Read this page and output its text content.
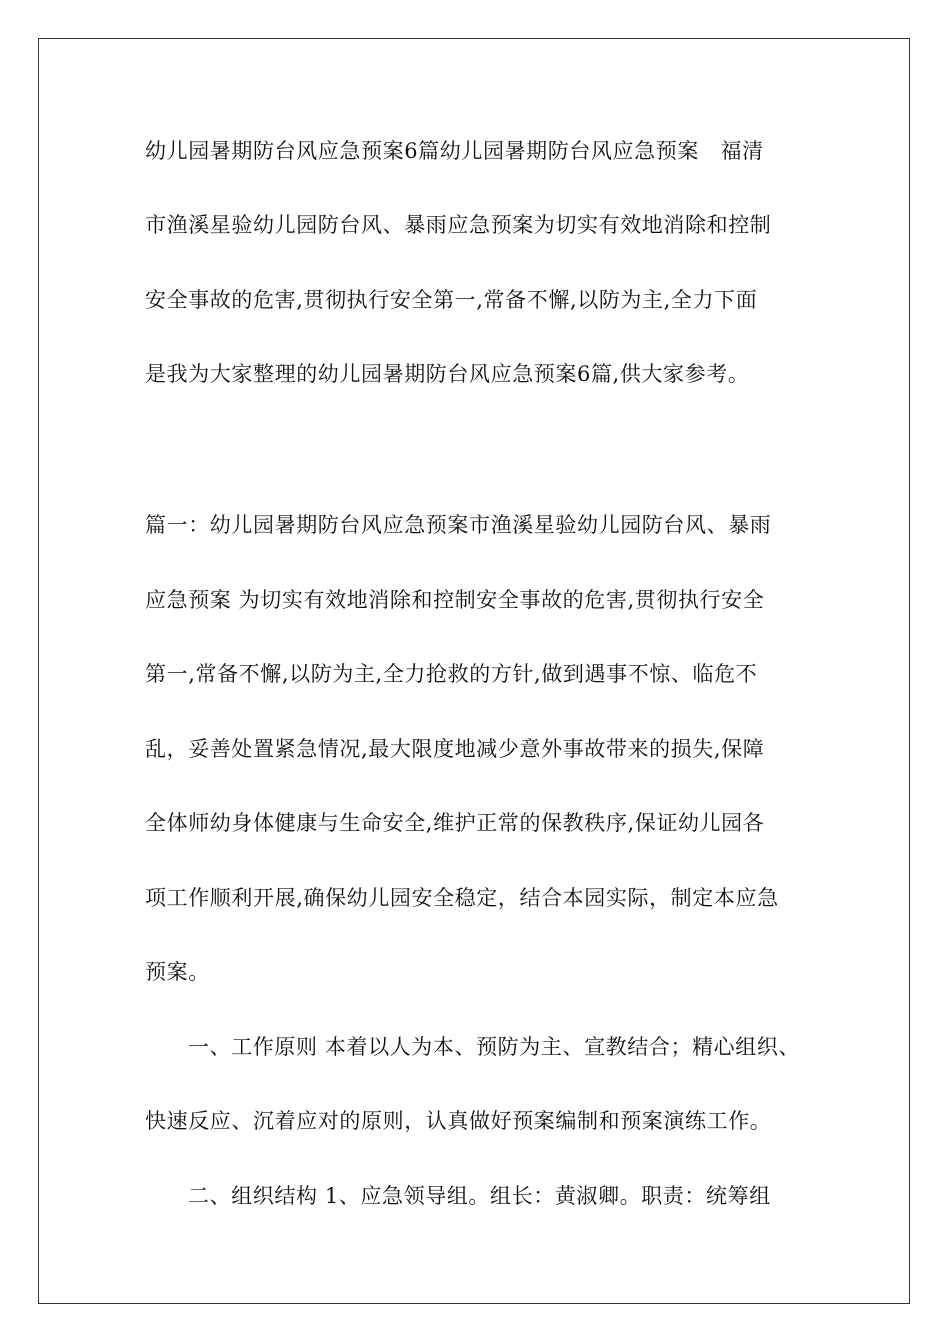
幼儿园暑期防台风应急预案6篇幼儿园暑期防台风应急预案　福清
市渔溪星验幼儿园防台风、暴雨应急预案为切实有效地消除和控制
安全事故的危害,贯彻执行安全第一,常备不懈,以防为主,全力下面
是我为大家整理的幼儿园暑期防台风应急预案6篇,供大家参考。
篇一：幼儿园暑期防台风应急预案市渔溪星验幼儿园防台风、暴雨
应急预案 为切实有效地消除和控制安全事故的危害,贯彻执行安全
第一,常备不懈,以防为主,全力抢救的方针,做到遇事不惊、临危不
乱，妥善处置紧急情况,最大限度地减少意外事故带来的损失,保障
全体师幼身体健康与生命安全,维护正常的保教秩序,保证幼儿园各
项工作顺利开展,确保幼儿园安全稳定，结合本园实际，制定本应急
预案。
一、工作原则 本着以人为本、预防为主、宣教结合；精心组织、
快速反应、沉着应对的原则，认真做好预案编制和预案演练工作。
二、组织结构 1、应急领导组。组长：黄淑卿。职责：统筹组
